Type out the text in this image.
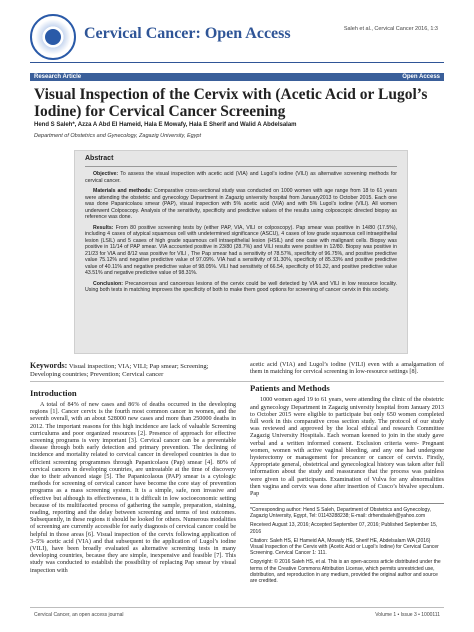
Cervical Cancer: Open Access	Saleh et al., Cervical Cancer 2016, 1:3
Research Article	Open Access
Visual Inspection of the Cervix with (Acetic Acid or Lugol’s Iodine) for Cervical Cancer Screening
Hend S Saleh*, Azza A Abd El Hameid, Hala E Mowafy, Hala E Sherif and Walid A Abdelsalam
Department of Obstetrics and Gynecology, Zagazig University, Egypt
Abstract

Objective: To assess the visual inspection with acetic acid (VIA) and Lugol’s iodine (VILI) as alternative screening methods for cervical cancer.

Materials and methods: Comparative cross-sectional study was conducted on 1000 women with age range from 18 to 61 years were attending the obstetric and gynecology Department in Zagazig university hospital from January2013 to October 2015. Each one was done Papanicolaou smear (PAP), visual inspection with 5% acetic acid (VIA) and with 5% Lugol’s iodine (VILI). All women underwent Colposcopy. Analysis of the sensitivity, specificity and predictive values of the results using colposcopic directed biopsy as reference was done.

Results: From 80 positive screening tests by (either PAP, VIA, VILI or colposcopy). Pap smear was positive in 14/80 (17.5%), including 4 cases of atypical squamous cell with undetermined significance (ASCU), 4 cases of low grade squamous cell intraepithelial lesion (LSIL) and 5 cases of high grade squamous cell intraepithelial lesion (HSIL) and one case with malignant cells. Biopsy was positive in 11/14 of PAP smear. VIA accounted positive in 23/80 (28.7%) and VILI results were positive in 12/80. Biopsy was positive in 21/23 for VIA and 8/12 was positive for VILI , The Pap smear had a sensitivity of 78.57%, specificity of 96.75%, and positive predictive value 75.12% and negative predictive value of 97.09%. VIA had a sensitivity of 91.30%, specificity of 85.33% and positive predictive value of 40.11% and negative predictive value of 98.05%. VILI had sensitivity of 66.54, specificity of 91.32, and positive predictive value 43.51% and negative predictive value of 98.31%.

Conclusion: Precancerous and cancerous lesions of the cervix could be well detected by VIA and VILI in low resource locality. Using both tests in matching improves the specificity of both to make them good options for screening of cancer cervix in this society.

Keywords: Visual inspection; VIA; VILI; Pap smear; Screening; Developing countries; Prevention; Cervical cancer
Introduction

A total of 84% of new cases and 86% of deaths occurred in the developing regions [1]. Cancer cervix is the fourth most common cancer in women, and the seventh overall, with an about 528000 new cases and more than 250000 deaths in 2012. The important reasons for this high incidence are lack of valuable Screening curriculums and poor organized resources [2]. Presence of approach for effective screening programs is very important [3]. Cervical cancer can be a preventable disease through both early detection and primary prevention. The declining of incidence and mortality related to cervical cancer in developed countries is due to efficient screening programmes through Papanicolaou (Pap) smear [4]. 80% of cervical cancers in developing countries, are untreatable at the time of discovery due to their advanced stage [5]. The Papanicolaous (PAP) smear is a cytologic methods for screening of cervical cancer have become the core stay of prevention programs as a mass screening system. It is a simple, safe, non invasive and effective but although its effectiveness, it is difficult in low socioeconomic setting because of its multifaceted process of gathering the sample, preparation, staining, reading, reporting and the delay between screening and terms of test outcomes. Subsequently, in these regions it should be looked for others. Numerous modalities of screening are currently accessible for early diagnosis of cervical cancer could be helpful in those areas [6]. Visual inspection of the cervix following application of 3–5% acetic acid (VIA) and that subsequent to the application of Lugol’s iodine (VILI), have been broadly evaluated as alternative screening tests in many developing countries, because they are simple, inexpensive and feasible [7]. This study was conducted to establish the possibility of replacing Pap smear by visual inspection with

acetic acid (VIA) and Lugol’s iodine (VILI) even with a amalgamation of them in matching for cervical screening in low-resource settings [8].

Patients and Methods

1000 women aged 19 to 61 years, were attending the clinic of the obstetric and gynecology Department in Zagazig university hospital from January 2013 to October 2015 were eligible to participate but only 650 women completed full work in this comparative cross section study. The protocol of our study was reviewed and approved by the local ethical and research Committee Zagazig University Hospitals. Each woman keened to join in the study gave verbal and a written informed consent. Exclusion criteria were- Pregnant women, women with active vaginal bleeding, and any one had undergone hysterectomy or management for precancer or cancer of cervix. Firstly, Appropriate general, obstetrical and gynecological history was taken after full information about the study and reassurance that the process was painless were given to all participants. Examination of Vulva for any abnormalities then vagina and cervix was done after insertion of Cusco’s bivalve speculum. Pap

*Corresponding author: Hend S Saleh, Department of Obstetrics and Gynecology, Zagazig University, Egypt, Tel: 01143288238; E-mail: drhendsaleh@yahoo.com

Received August 13, 2016; Accepted September 07, 2016; Published September 15, 2016

Citation: Saleh HS, El Hameid AA, Mowafy HE, Sherif HE, Abdelsalam WA (2016) Visual Inspection of the Cervix with (Acetic Acid or Lugol’s Iodine) for Cervical Cancer Screening. Cervical Cancer 1: 111.

Copyright: © 2016 Saleh HS, et al. This is an open-access article distributed under the terms of the Creative Commons Attribution License, which permits unrestricted use, distribution, and reproduction in any medium, provided the original author and source are credited.

Cervical Cancer, an open access journal	Volume 1 • Issue 3 • 1000111
